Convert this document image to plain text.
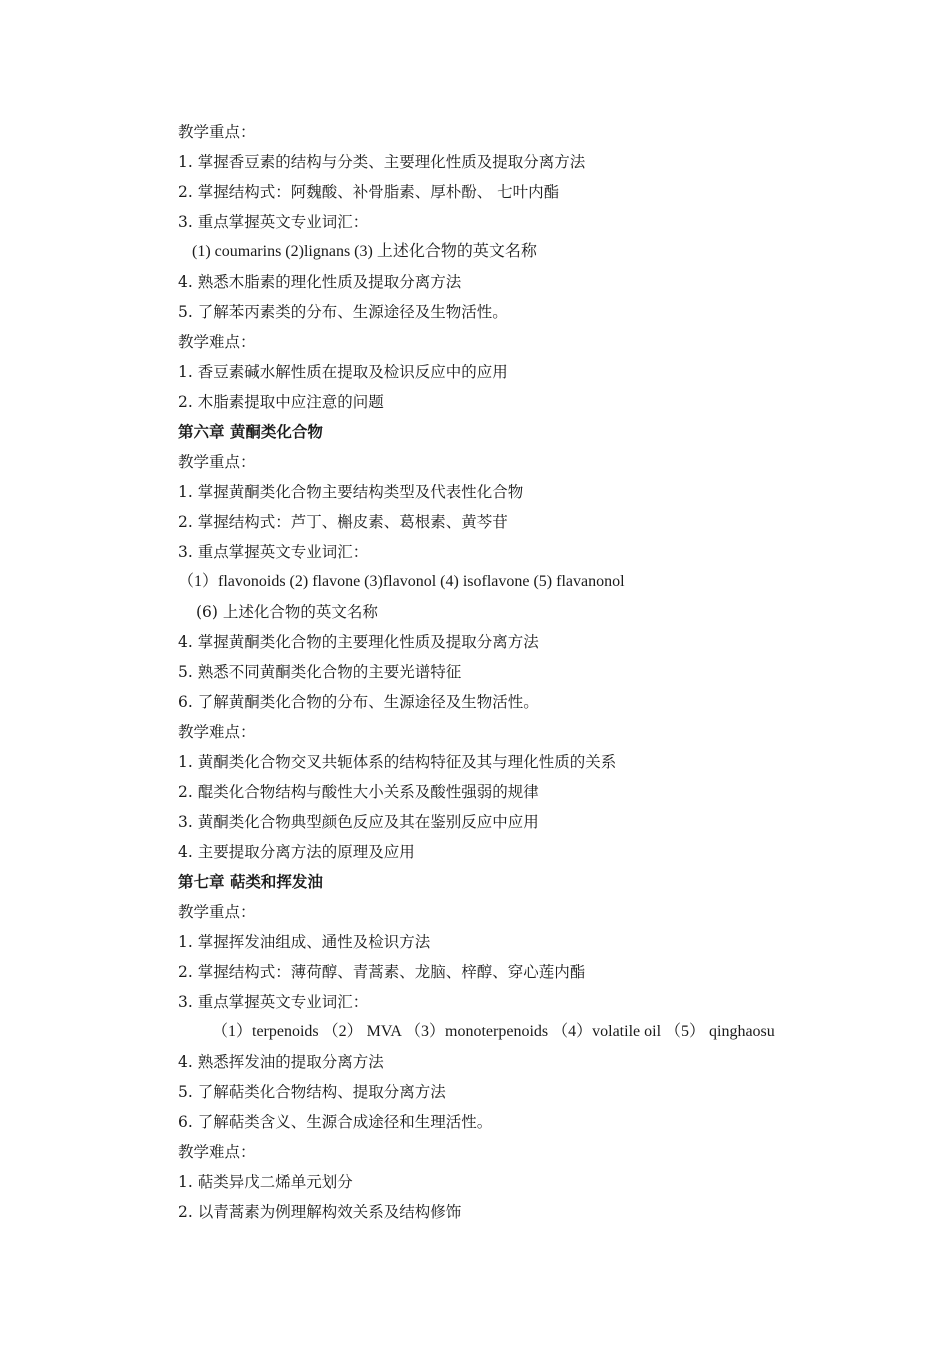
教学重点：
1. 掌握香豆素的结构与分类、主要理化性质及提取分离方法
2. 掌握结构式：阿魏酸、补骨脂素、厚朴酚、 七叶内酯
3. 重点掌握英文专业词汇：
(1) coumarins (2)lignans (3) 上述化合物的英文名称
4. 熟悉木脂素的理化性质及提取分离方法
5. 了解苯丙素类的分布、生源途径及生物活性。
教学难点：
1. 香豆素碱水解性质在提取及检识反应中的应用
2. 木脂素提取中应注意的问题
第六章 黄酮类化合物
教学重点：
1. 掌握黄酮类化合物主要结构类型及代表性化合物
2. 掌握结构式：芦丁、槲皮素、葛根素、黄芩苷
3. 重点掌握英文专业词汇：
（1）flavonoids (2) flavone (3)flavonol (4) isoflavone (5) flavanonol
(6) 上述化合物的英文名称
4. 掌握黄酮类化合物的主要理化性质及提取分离方法
5. 熟悉不同黄酮类化合物的主要光谱特征
6. 了解黄酮类化合物的分布、生源途径及生物活性。
教学难点：
1. 黄酮类化合物交叉共轭体系的结构特征及其与理化性质的关系
2. 醌类化合物结构与酸性大小关系及酸性强弱的规律
3. 黄酮类化合物典型颜色反应及其在鉴别反应中应用
4. 主要提取分离方法的原理及应用
第七章 萜类和挥发油
教学重点：
1. 掌握挥发油组成、通性及检识方法
2. 掌握结构式：薄荷醇、青蒿素、龙脑、梓醇、穿心莲内酯
3. 重点掌握英文专业词汇：
（1）terpenoids （2） MVA （3）monoterpenoids （4）volatile oil （5） qinghaosu
4. 熟悉挥发油的提取分离方法
5. 了解萜类化合物结构、提取分离方法
6. 了解萜类含义、生源合成途径和生理活性。
教学难点：
1. 萜类异戊二烯单元划分
2. 以青蒿素为例理解构效关系及结构修饰
